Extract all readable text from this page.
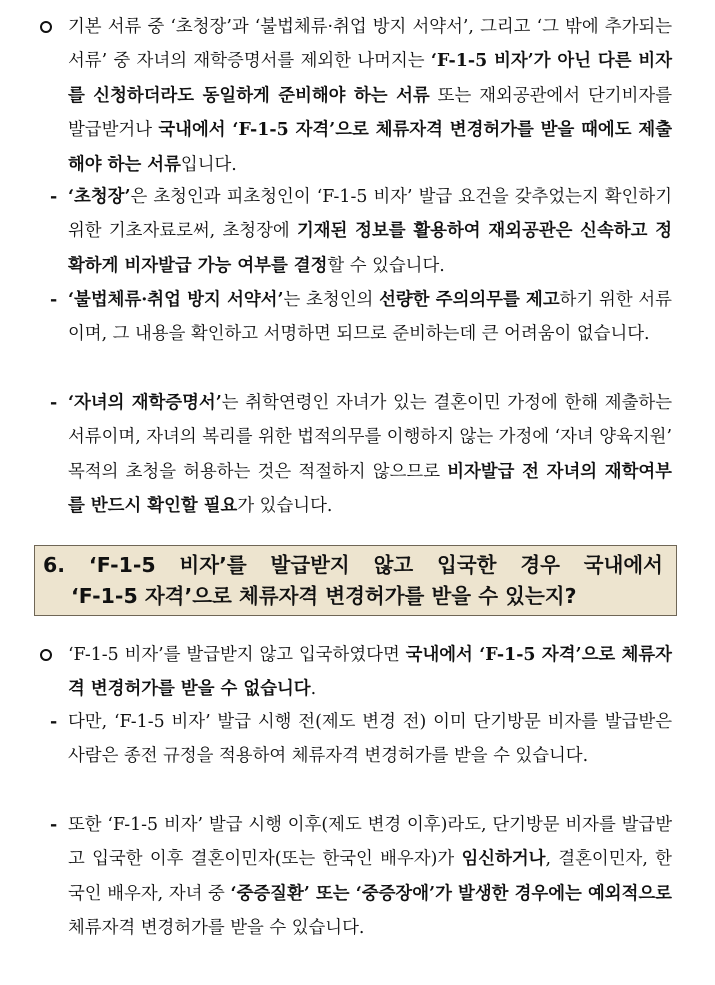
기본 서류 중 ‘초청장’과 ‘불법체류·취업 방지 서약서’, 그리고 ‘그 밖에 추가되는 서류’ 중 자녀의 재학증명서를 제외한 나머지는 ‘F-1-5 비자’가 아닌 다른 비자를 신청하더라도 동일하게 준비해야 하는 서류 또는 재외공관에서 단기비자를 발급받거나 국내에서 ‘F-1-5 자격’으로 체류자격 변경허가를 받을 때에도 제출해야 하는 서류입니다.

- ‘초청장’은 초청인과 피초청인이 ‘F-1-5 비자’ 발급 요건을 갖추었는지 확인하기 위한 기초자료로써, 초청장에 기재된 정보를 활용하여 재외공관은 신속하고 정확하게 비자발급 가능 여부를 결정할 수 있습니다.

- ‘불법체류·취업 방지 서약서’는 초청인의 선량한 주의의무를 제고하기 위한 서류이며, 그 내용을 확인하고 서명하면 되므로 준비하는데 큰 어려움이 없습니다.

- ‘자녀의 재학증명서’는 취학연령인 자녀가 있는 결혼이민 가정에 한해 제출하는 서류이며, 자녀의 복리를 위한 법적의무를 이행하지 않는 가정에 ‘자녀 양육지원’ 목적의 초청을 허용하는 것은 적절하지 않으므로 비자발급 전 자녀의 재학여부를 반드시 확인할 필요가 있습니다.

6. ‘F-1-5 비자’를 발급받지 않고 입국한 경우 국내에서
‘F-1-5 자격’으로 체류자격 변경허가를 받을 수 있는지?

‘F-1-5 비자’를 발급받지 않고 입국하였다면 국내에서 ‘F-1-5 자격’으로 체류자격 변경허가를 받을 수 없습니다.

- 다만, ‘F-1-5 비자’ 발급 시행 전(제도 변경 전) 이미 단기방문 비자를 발급받은 사람은 종전 규정을 적용하여 체류자격 변경허가를 받을 수 있습니다.

- 또한 ‘F-1-5 비자’ 발급 시행 이후(제도 변경 이후)라도, 단기방문 비자를 발급받고 입국한 이후 결혼이민자(또는 한국인 배우자)가 임신하거나, 결혼이민자, 한국인 배우자, 자녀 중 ‘중증질환’ 또는 ‘중증장애’가 발생한 경우에는 예외적으로 체류자격 변경허가를 받을 수 있습니다.
